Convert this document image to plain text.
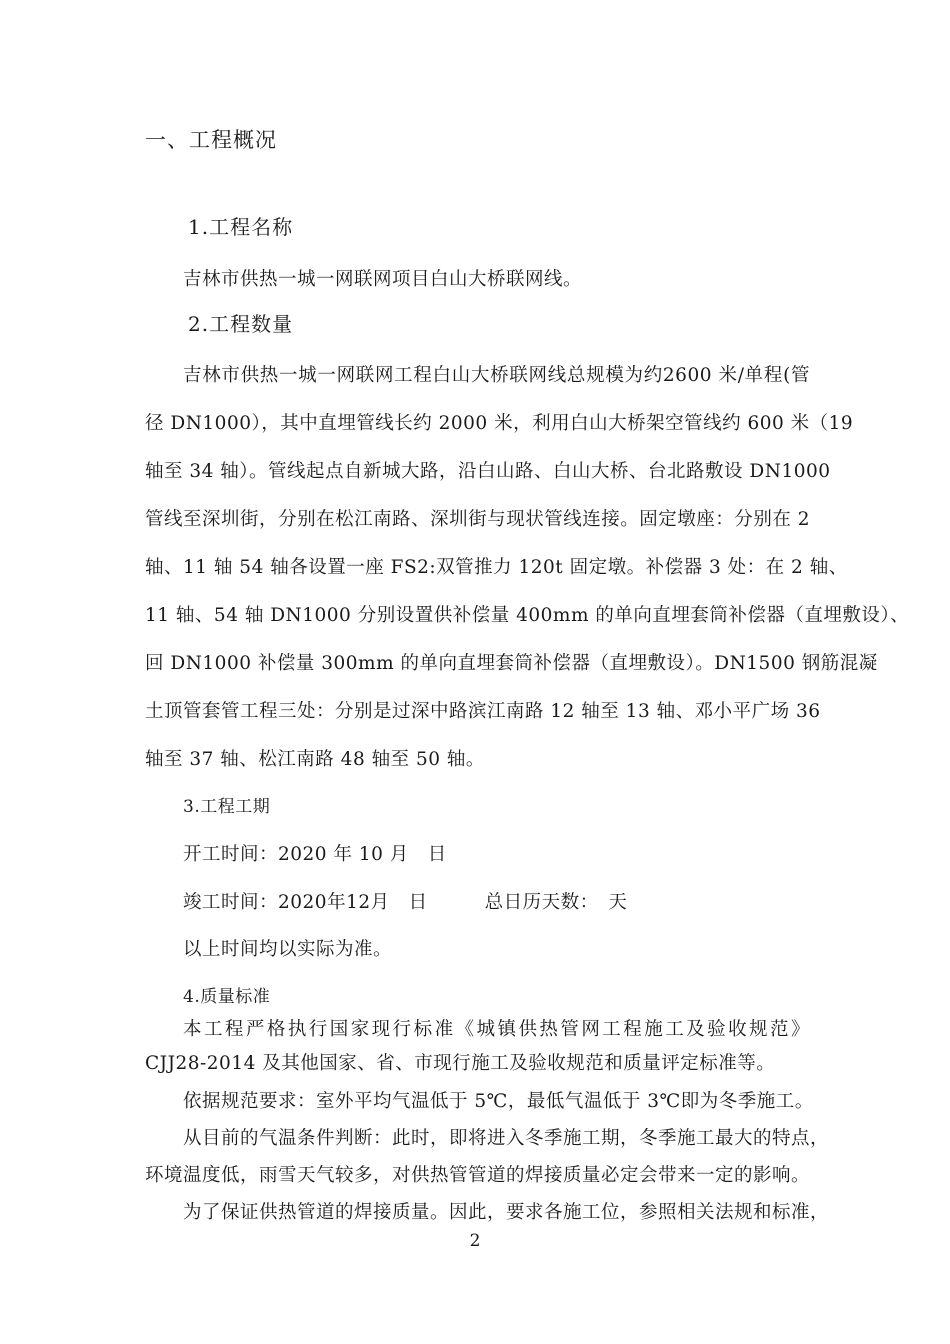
一、工程概况
1.工程名称
吉林市供热一城一网联网项目白山大桥联网线。
2.工程数量
吉林市供热一城一网联网工程白山大桥联网线总规模为约2600 米/单程(管
径 DN1000），其中直埋管线长约 2000 米，利用白山大桥架空管线约 600 米（19
轴至 34 轴）。管线起点自新城大路，沿白山路、白山大桥、台北路敷设 DN1000
管线至深圳街，分别在松江南路、深圳街与现状管线连接。固定墩座：分别在 2
轴、11 轴 54 轴各设置一座 FS2:双管推力 120t 固定墩。补偿器 3 处：在 2 轴、
11 轴、54 轴 DN1000 分别设置供补偿量 400mm 的单向直埋套筒补偿器（直埋敷设）、
回 DN1000 补偿量 300mm 的单向直埋套筒补偿器（直埋敷设）。DN1500 钢筋混凝
土顶管套管工程三处：分别是过深中路滨江南路 12 轴至 13 轴、邓小平广场 36
轴至 37 轴、松江南路 48 轴至 50 轴。
3.工程工期
开工时间：2020 年 10 月　日
竣工时间：2020年12月　日　　　总日历天数：　天
以上时间均以实际为准。
4.质量标准
本工程严格执行国家现行标准《城镇供热管网工程施工及验收规范》
CJJ28-2014 及其他国家、省、市现行施工及验收规范和质量评定标准等。
依据规范要求：室外平均气温低于 5℃，最低气温低于 3℃即为冬季施工。
从目前的气温条件判断：此时，即将进入冬季施工期，冬季施工最大的特点，
环境温度低，雨雪天气较多，对供热管管道的焊接质量必定会带来一定的影响。
为了保证供热管道的焊接质量。因此，要求各施工位，参照相关法规和标准，
2
